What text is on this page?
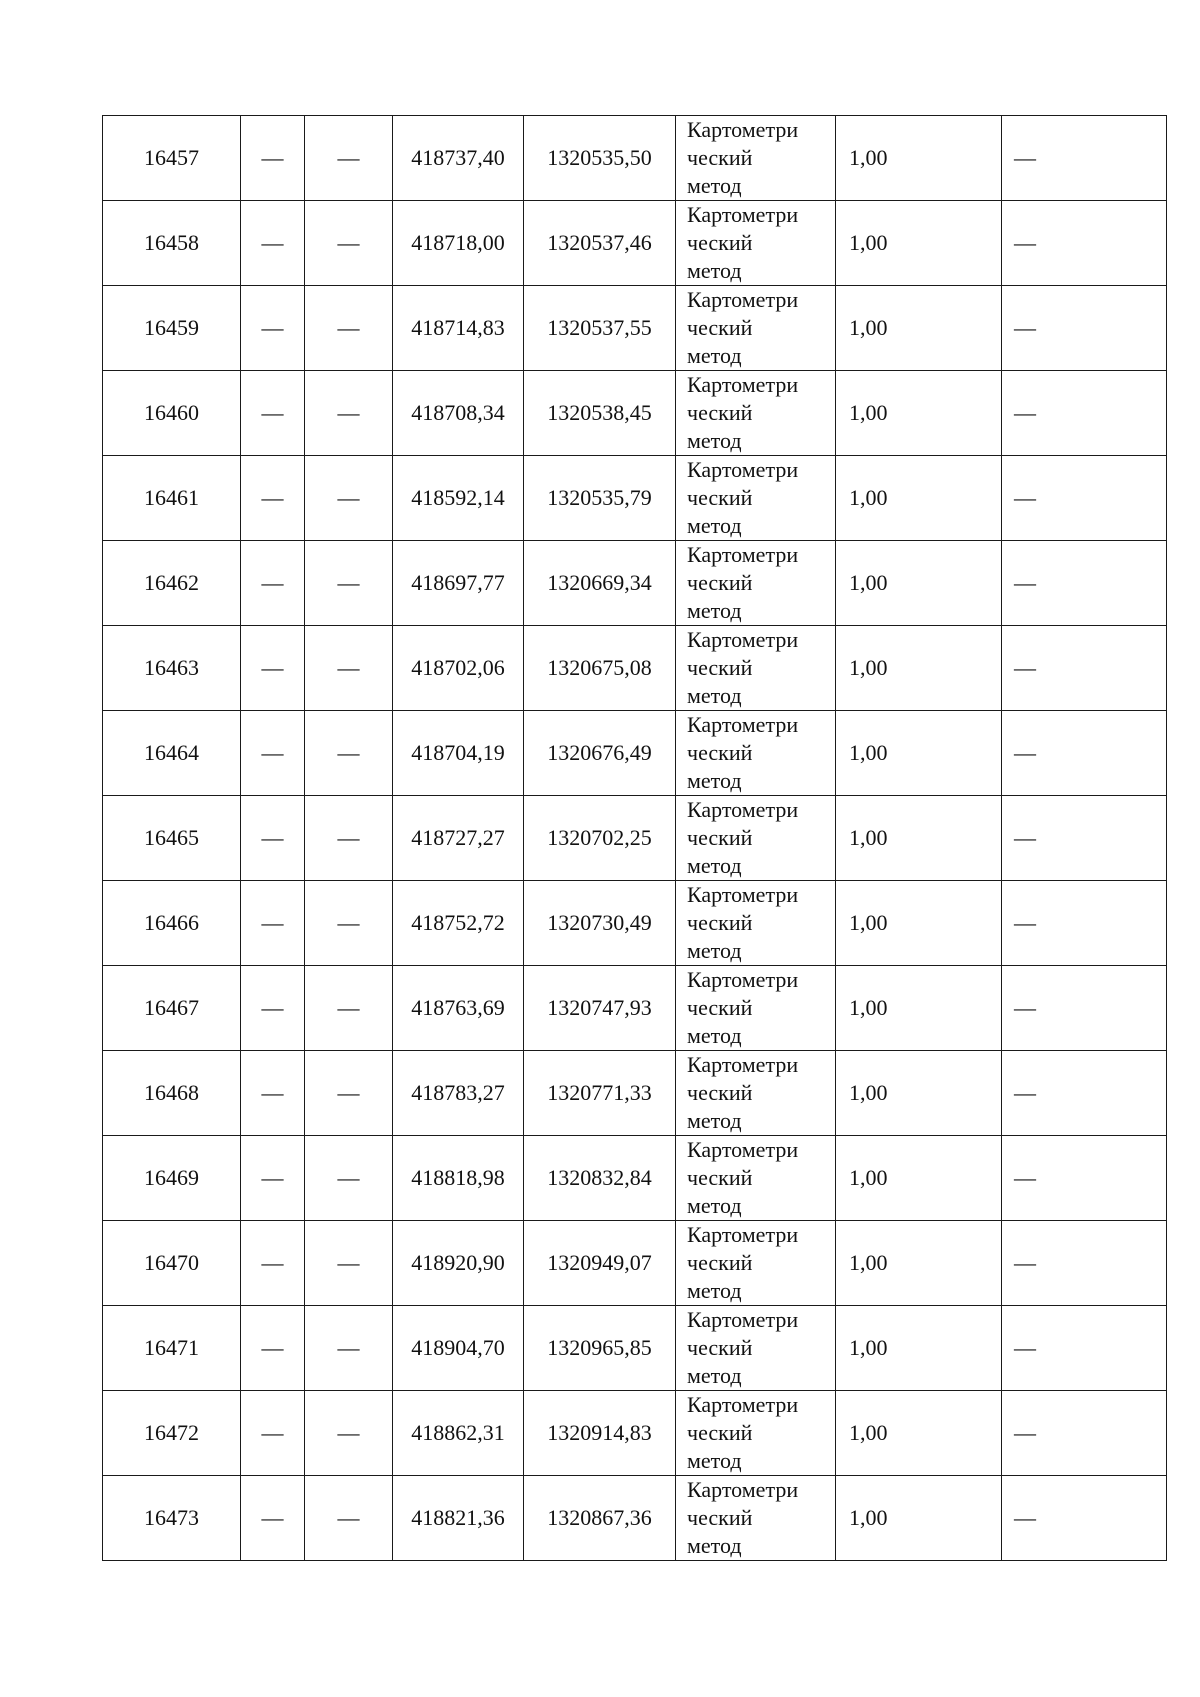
16457	—	—	418737,40	1320535,50	Картометри
ческий
метод	1,00	—
16458	—	—	418718,00	1320537,46	Картометри
ческий
метод	1,00	—
16459	—	—	418714,83	1320537,55	Картометри
ческий
метод	1,00	—
16460	—	—	418708,34	1320538,45	Картометри
ческий
метод	1,00	—
16461	—	—	418592,14	1320535,79	Картометри
ческий
метод	1,00	—
16462	—	—	418697,77	1320669,34	Картометри
ческий
метод	1,00	—
16463	—	—	418702,06	1320675,08	Картометри
ческий
метод	1,00	—
16464	—	—	418704,19	1320676,49	Картометри
ческий
метод	1,00	—
16465	—	—	418727,27	1320702,25	Картометри
ческий
метод	1,00	—
16466	—	—	418752,72	1320730,49	Картометри
ческий
метод	1,00	—
16467	—	—	418763,69	1320747,93	Картометри
ческий
метод	1,00	—
16468	—	—	418783,27	1320771,33	Картометри
ческий
метод	1,00	—
16469	—	—	418818,98	1320832,84	Картометри
ческий
метод	1,00	—
16470	—	—	418920,90	1320949,07	Картометри
ческий
метод	1,00	—
16471	—	—	418904,70	1320965,85	Картометри
ческий
метод	1,00	—
16472	—	—	418862,31	1320914,83	Картометри
ческий
метод	1,00	—
16473	—	—	418821,36	1320867,36	Картометри
ческий
метод	1,00	—
